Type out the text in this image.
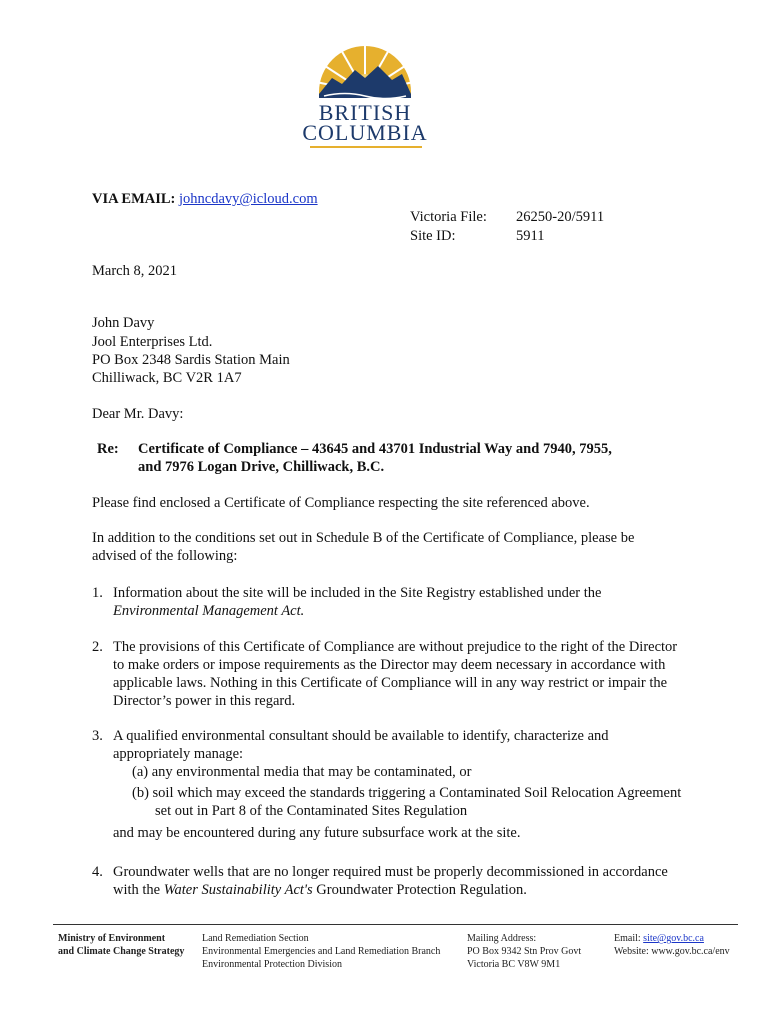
BRITISH
COLUMBIA
VIA EMAIL: johncdavy@icloud.com
Victoria File: 26250-20/5911
Site ID:	5911
March 8, 2021
John Davy
Jool Enterprises Ltd.
PO Box 2348 Sardis Station Main
Chilliwack, BC V2R 1A7
Dear Mr. Davy:
Re: Certificate of Compliance – 43645 and 43701 Industrial Way and 7940, 7955,
and 7976 Logan Drive, Chilliwack, B.C.
Please find enclosed a Certificate of Compliance respecting the site referenced above.
In addition to the conditions set out in Schedule B of the Certificate of Compliance, please be
advised of the following:
1. Information about the site will be included in the Site Registry established under the
Environmental Management Act.
2. The provisions of this Certificate of Compliance are without prejudice to the right of the Director
to make orders or impose requirements as the Director may deem necessary in accordance with
applicable laws. Nothing in this Certificate of Compliance will in any way restrict or impair the
Director’s power in this regard.
3. A qualified environmental consultant should be available to identify, characterize and
appropriately manage:
(a) any environmental media that may be contaminated, or
(b) soil which may exceed the standards triggering a Contaminated Soil Relocation Agreement
set out in Part 8 of the Contaminated Sites Regulation
and may be encountered during any future subsurface work at the site.
4. Groundwater wells that are no longer required must be properly decommissioned in accordance
with the Water Sustainability Act's Groundwater Protection Regulation.
Ministry of Environment
and Climate Change Strategy
Land Remediation Section
Environmental Emergencies and Land Remediation Branch
Environmental Protection Division
Mailing Address:
PO Box 9342 Stn Prov Govt
Victoria BC V8W 9M1
Email: site@gov.bc.ca
Website: www.gov.bc.ca/env
